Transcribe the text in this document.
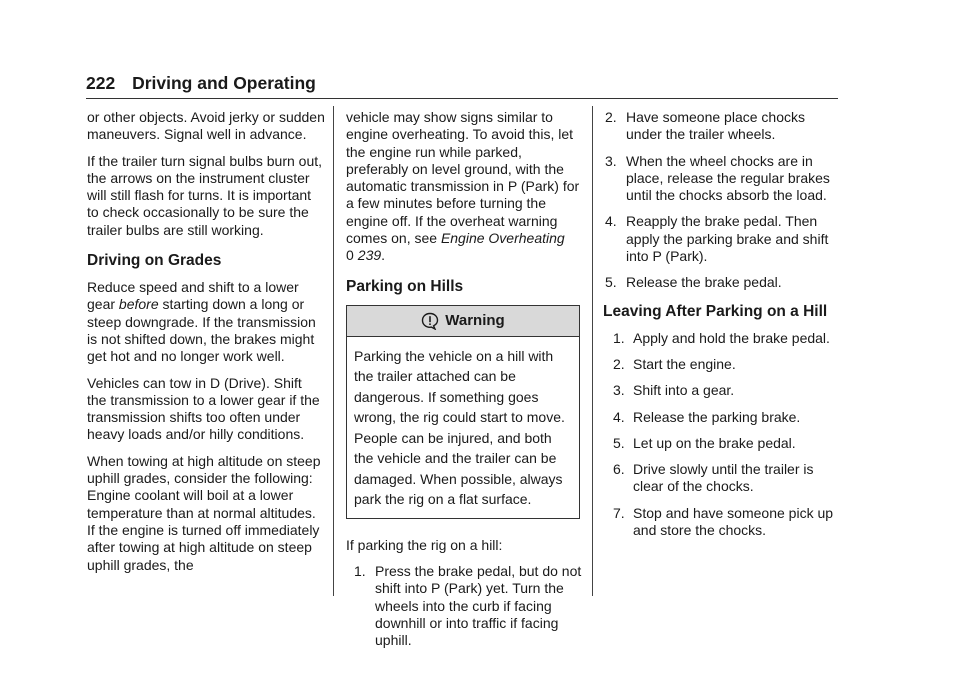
222 Driving and Operating

or other objects. Avoid jerky or sudden maneuvers. Signal well in advance.

If the trailer turn signal bulbs burn out, the arrows on the instrument cluster will still flash for turns. It is important to check occasionally to be sure the trailer bulbs are still working.

Driving on Grades

Reduce speed and shift to a lower gear before starting down a long or steep downgrade. If the transmission is not shifted down, the brakes might get hot and no longer work well.

Vehicles can tow in D (Drive). Shift the transmission to a lower gear if the transmission shifts too often under heavy loads and/or hilly conditions.

When towing at high altitude on steep uphill grades, consider the following: Engine coolant will boil at a lower temperature than at normal altitudes. If the engine is turned off immediately after towing at high altitude on steep uphill grades, the

vehicle may show signs similar to engine overheating. To avoid this, let the engine run while parked, preferably on level ground, with the automatic transmission in P (Park) for a few minutes before turning the engine off. If the overheat warning comes on, see Engine Overheating
0 239.

Parking on Hills
Warning
Parking the vehicle on a hill with the trailer attached can be dangerous. If something goes wrong, the rig could start to move. People can be injured, and both the vehicle and the trailer can be damaged. When possible, always park the rig on a flat surface.

If parking the rig on a hill:

1. Press the brake pedal, but do not shift into P (Park) yet. Turn the wheels into the curb if facing downhill or into traffic if facing uphill.
2. Have someone place chocks under the trailer wheels.
3. When the wheel chocks are in place, release the regular brakes until the chocks absorb the load.
4. Reapply the brake pedal. Then apply the parking brake and shift into P (Park).
5. Release the brake pedal.
Leaving After Parking on a Hill
1. Apply and hold the brake pedal.
2. Start the engine.
3. Shift into a gear.
4. Release the parking brake.
5. Let up on the brake pedal.
6. Drive slowly until the trailer is clear of the chocks.
7. Stop and have someone pick up and store the chocks.
